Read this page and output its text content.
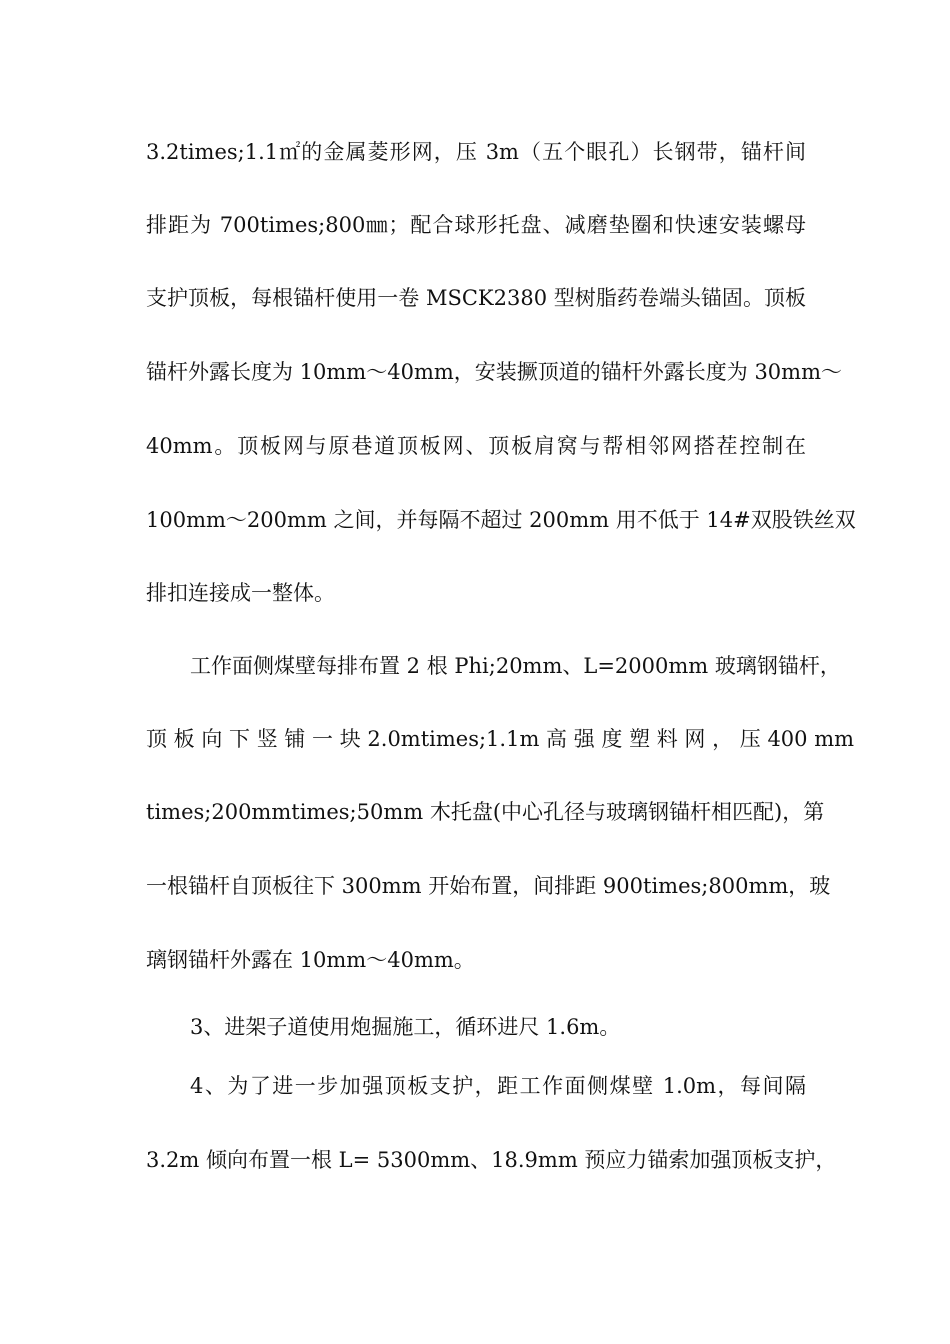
3.2times;1.1㎡的金属菱形网，压 3m（五个眼孔）长钢带，锚杆间
排距为 700times;800㎜；配合球形托盘、减磨垫圈和快速安装螺母
支护顶板，每根锚杆使用一卷 MSCK2380 型树脂药卷端头锚固。顶板
锚杆外露长度为 10mm～40mm，安装撅顶道的锚杆外露长度为 30mm～
40mm。顶板网与原巷道顶板网、顶板肩窝与帮相邻网搭茬控制在
100mm～200mm 之间，并每隔不超过 200mm 用不低于 14#双股铁丝双
排扣连接成一整体。
工作面侧煤壁每排布置 2 根 Phi;20mm、L=2000mm 玻璃钢锚杆，
顶 板 向 下 竖 铺 一 块 2.0mtimes;1.1m 高 强 度 塑 料 网 ， 压 400 mm
times;200mmtimes;50mm 木托盘(中心孔径与玻璃钢锚杆相匹配)，第
一根锚杆自顶板往下 300mm 开始布置，间排距 900times;800mm，玻
璃钢锚杆外露在 10mm～40mm。
3、进架子道使用炮掘施工，循环进尺 1.6m。
4、为了进一步加强顶板支护，距工作面侧煤壁 1.0m，每间隔
3.2m 倾向布置一根 L= 5300mm、18.9mm 预应力锚索加强顶板支护，
